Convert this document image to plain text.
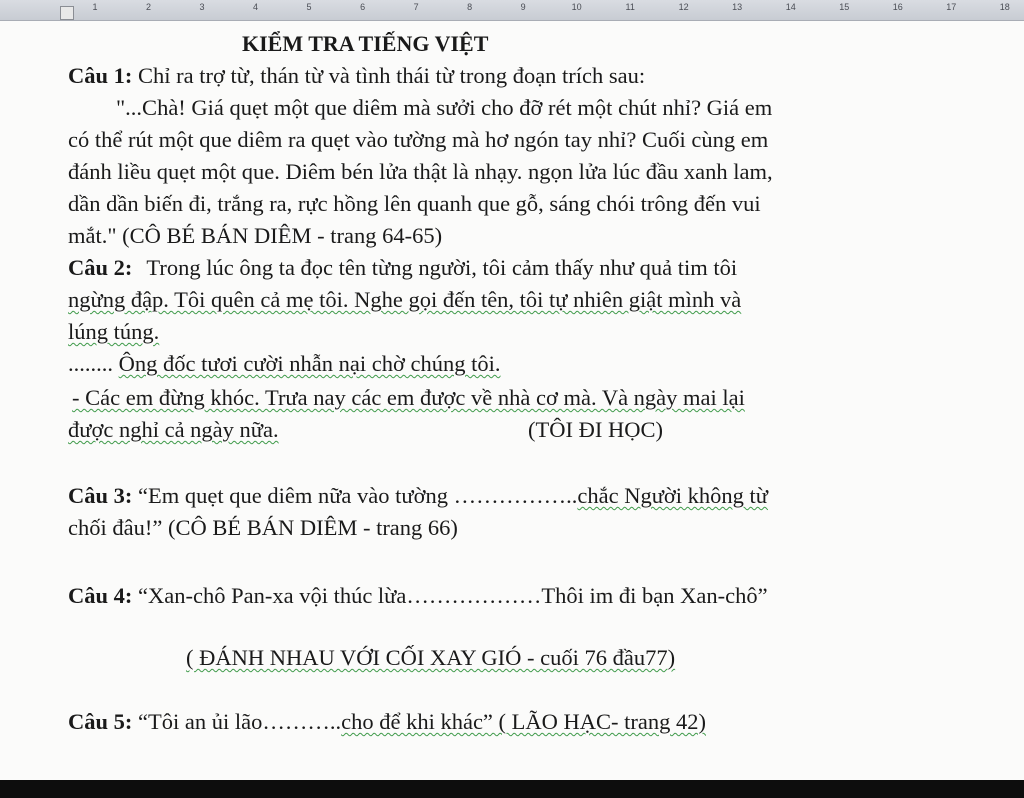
1	2	3	4	5	6	7	8	9	10	11	12	13	14	15	16	17	18
KIỂM TRA TIẾNG VIỆT
Câu 1: Chỉ ra trợ từ, thán từ và tình thái từ trong đoạn trích sau:
"...Chà! Giá quẹt một que diêm mà sưởi cho đỡ rét một chút nhỉ? Giá em
có thể rút một que diêm ra quẹt vào tường mà hơ ngón tay nhỉ? Cuối cùng em
đánh liều quẹt một que. Diêm bén lửa thật là nhạy. ngọn lửa lúc đầu xanh lam,
dần dần biến đi, trắng ra, rực hồng lên quanh que gỗ, sáng chói trông đến vui
mắt." (CÔ BÉ BÁN DIÊM - trang 64-65)
Câu 2: Trong lúc ông ta đọc tên từng người, tôi cảm thấy như quả tim tôi
ngừng đập. Tôi quên cả mẹ tôi. Nghe gọi đến tên, tôi tự nhiên giật mình và
lúng túng.
........ Ông đốc tươi cười nhẫn nại chờ chúng tôi.
- Các em đừng khóc. Trưa nay các em được về nhà cơ mà. Và ngày mai lại
được nghỉ cả ngày nữa.	(TÔI ĐI HỌC)
Câu 3: “Em quẹt que diêm nữa vào tường ……………..chắc Người không từ
chối đâu!” (CÔ BÉ BÁN DIÊM - trang 66)
Câu 4: “Xan-chô Pan-xa vội thúc lừa………………Thôi im đi bạn Xan-chô”
( ĐÁNH NHAU VỚI CỐI XAY GIÓ - cuối 76 đầu77)
Câu 5: “Tôi an ủi lão………..cho để khi khác” ( LÃO HẠC- trang 42)
